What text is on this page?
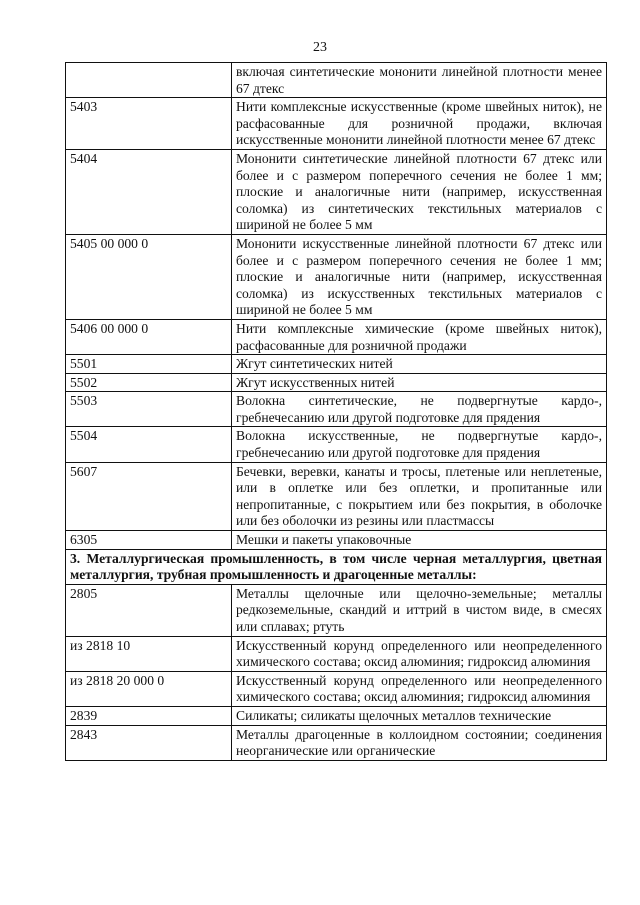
23
	включая синтетические мононити линейной плотности менее 67 дтекс
5403	Нити комплексные искусственные (кроме швейных ниток), не расфасованные для розничной продажи, включая искусственные мононити линейной плотности менее 67 дтекс
5404	Мононити синтетические линейной плотности 67 дтекс или более и с размером поперечного сечения не более 1 мм; плоские и аналогичные нити (например, искусственная соломка) из синтетических текстильных материалов с шириной не более 5 мм
5405 00 000 0	Мононити искусственные линейной плотности 67 дтекс или более и с размером поперечного сечения не более 1 мм; плоские и аналогичные нити (например, искусственная соломка) из искусственных текстильных материалов с шириной не более 5 мм
5406 00 000 0	Нити комплексные химические (кроме швейных ниток), расфасованные для розничной продажи
5501	Жгут синтетических нитей
5502	Жгут искусственных нитей
5503	Волокна синтетические, не подвергнутые кардо-, гребнечесанию или другой подготовке для прядения
5504	Волокна искусственные, не подвергнутые кардо-, гребнечесанию или другой подготовке для прядения
5607	Бечевки, веревки, канаты и тросы, плетеные или неплетеные, или в оплетке или без оплетки, и пропитанные или непропитанные, с покрытием или без покрытия, в оболочке или без оболочки из резины или пластмассы
6305	Мешки и пакеты упаковочные
3. Металлургическая промышленность, в том числе черная металлургия, цветная металлургия, трубная промышленность и драгоценные металлы:	
2805	Металлы щелочные или щелочно-земельные; металлы редкоземельные, скандий и иттрий в чистом виде, в смесях или сплавах; ртуть
из 2818 10	Искусственный корунд определенного или неопределенного химического состава; оксид алюминия; гидроксид алюминия
из 2818 20 000 0	Искусственный корунд определенного или неопределенного химического состава; оксид алюминия; гидроксид алюминия
2839	Силикаты; силикаты щелочных металлов технические
2843	Металлы драгоценные в коллоидном состоянии; соединения неорганические или органические
